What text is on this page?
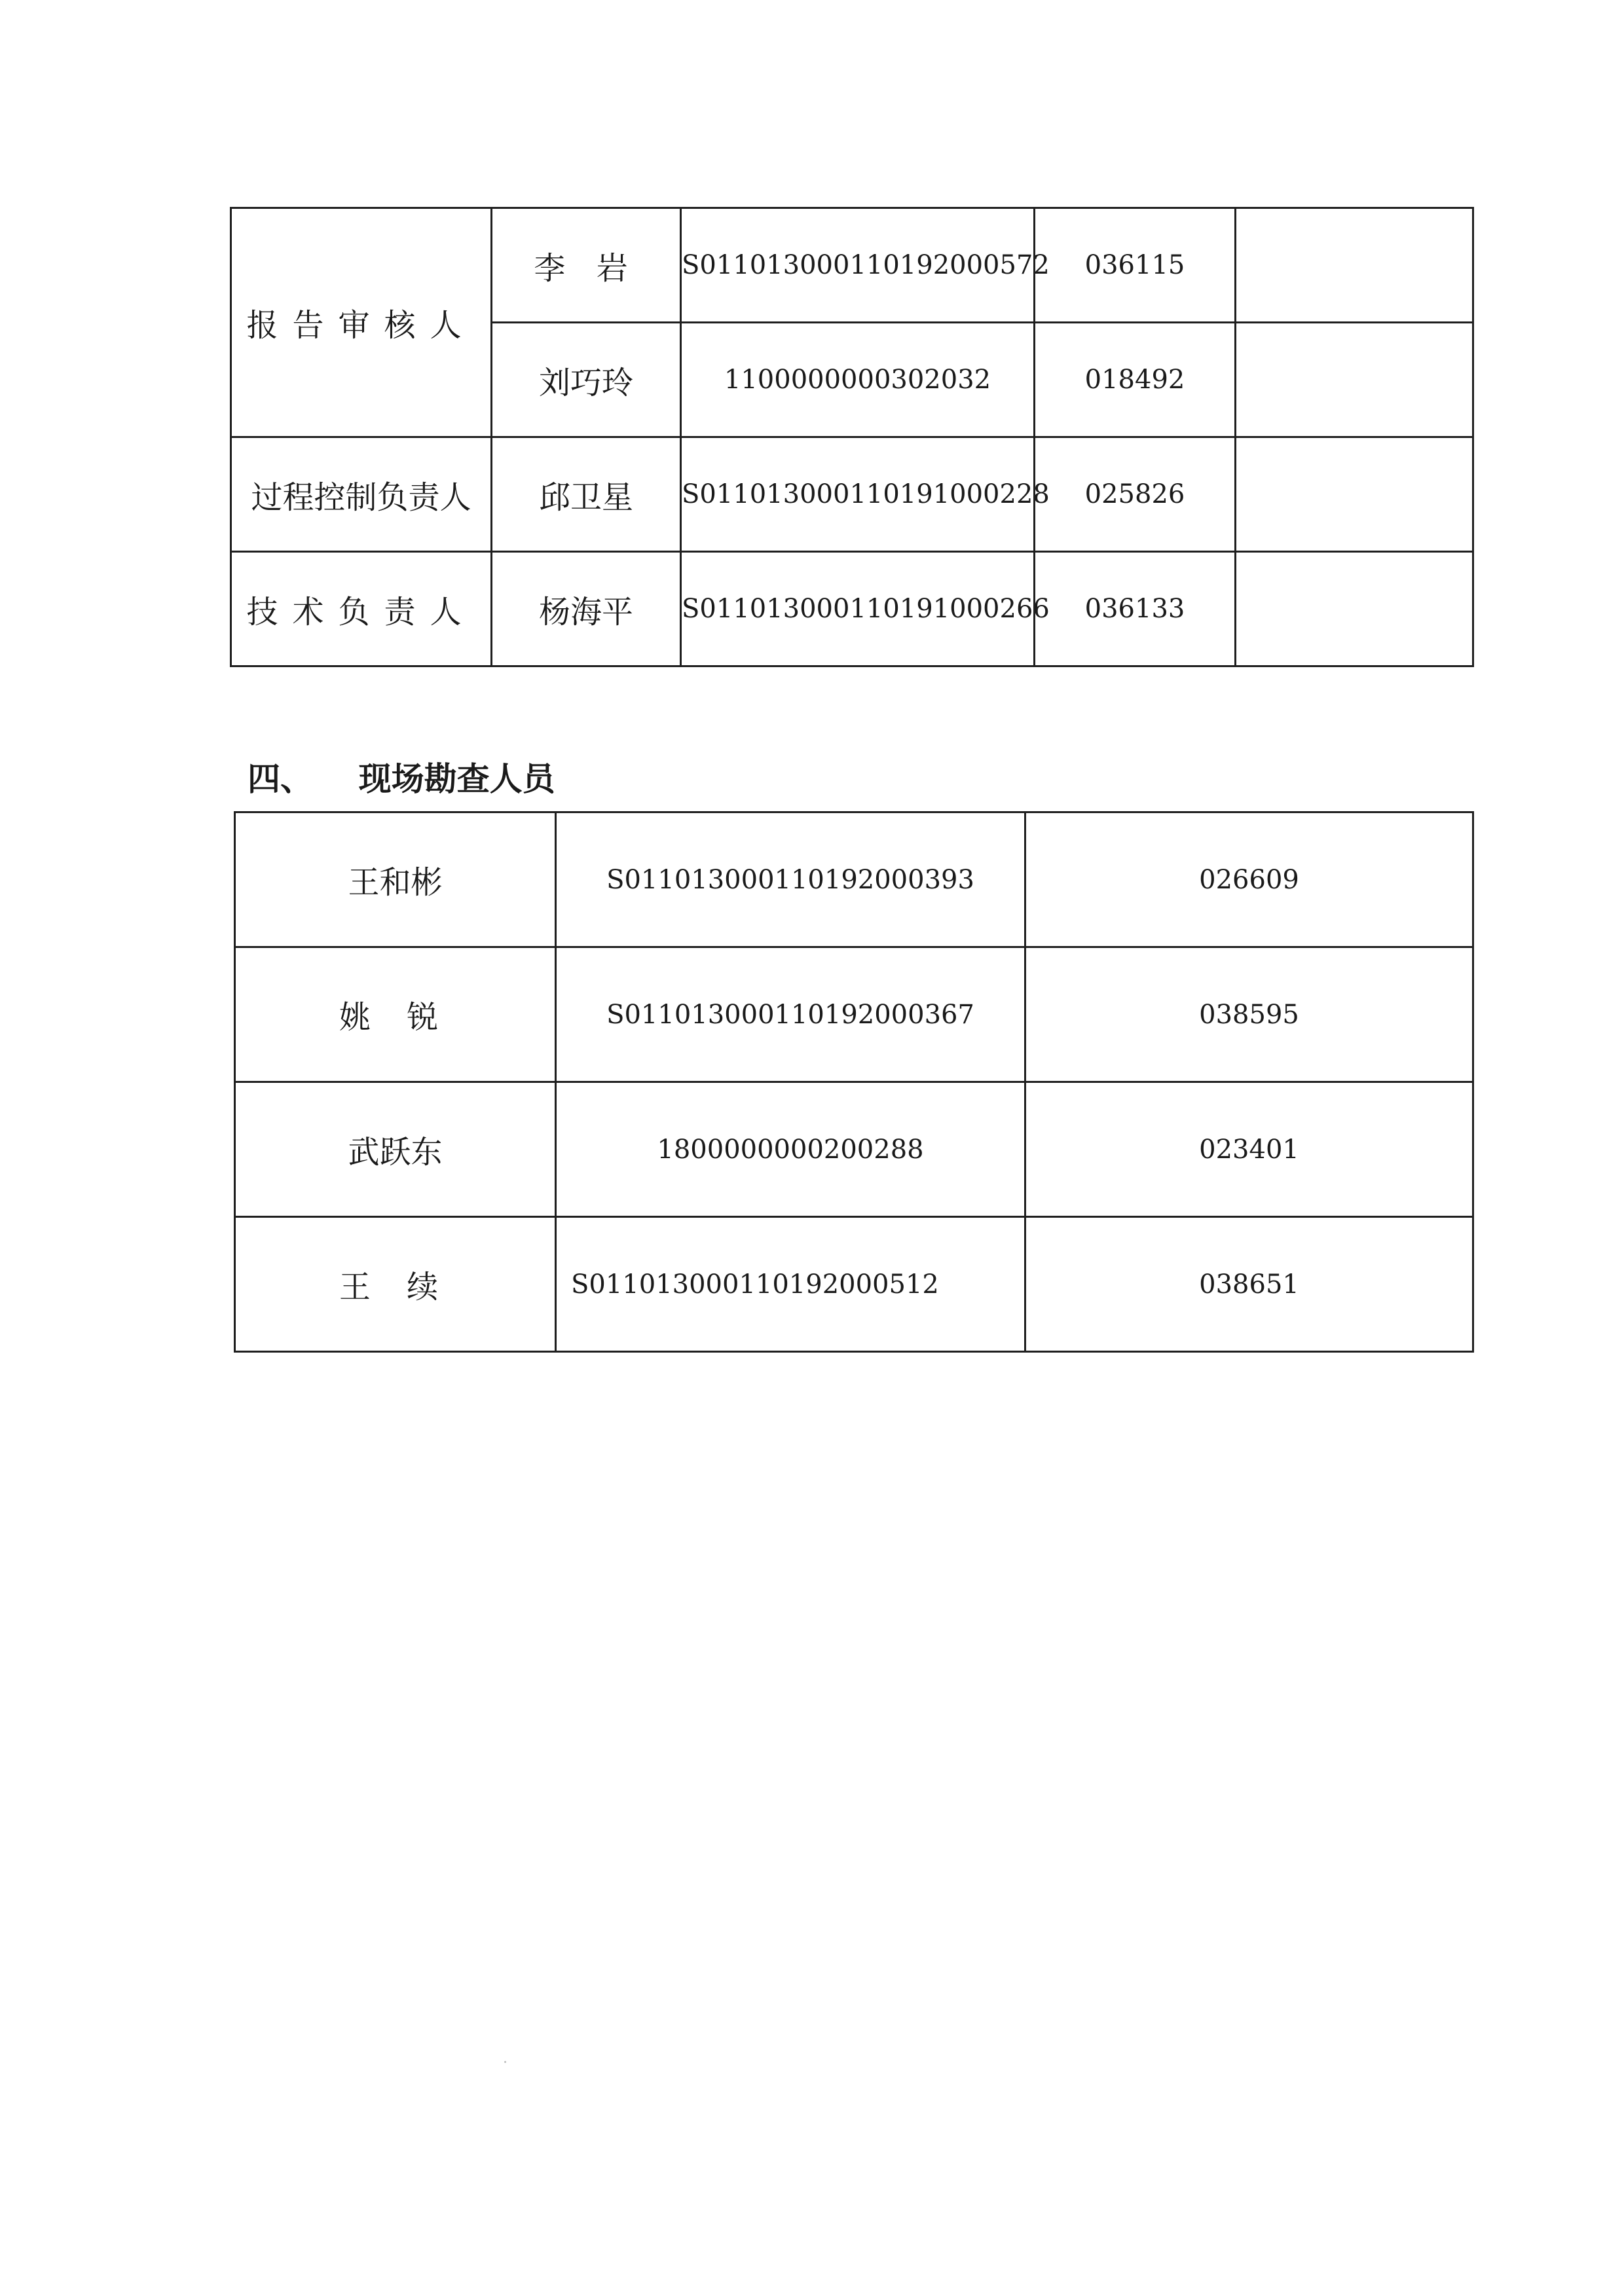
报告审核人	李 岩	S011013000110192000572	036115	
	刘巧玲	1100000000302032	018492	
过程控制负责人	邱卫星	S011013000110191000228	025826	
技术负责人	杨海平	S011013000110191000266	036133	
四、    现场勘查人员
王和彬	S011013000110192000393	026609
姚 锐	S011013000110192000367	038595
武跃东	1800000000200288	023401
王 续	S011013000110192000512	038651
